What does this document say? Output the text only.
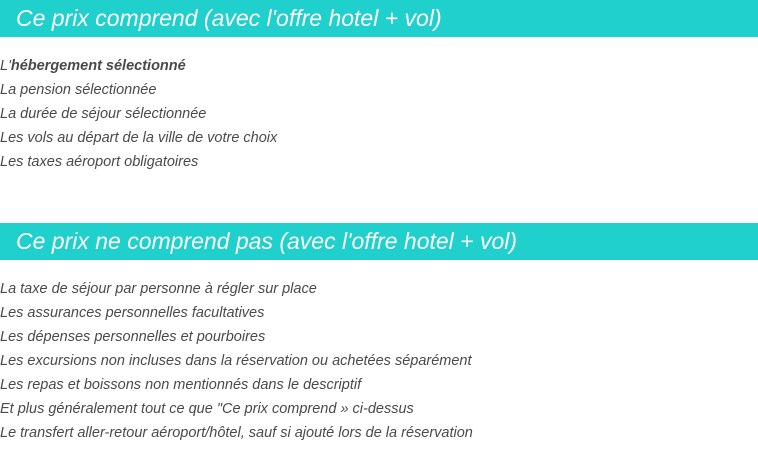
Ce prix comprend (avec l'offre hotel + vol)
L'hébergement sélectionné
La pension sélectionnée
La durée de séjour sélectionnée
Les vols au départ de la ville de votre choix
Les taxes aéroport obligatoires
Ce prix ne comprend pas (avec l'offre hotel + vol)
La taxe de séjour par personne à régler sur place
Les assurances personnelles facultatives
Les dépenses personnelles et pourboires
Les excursions non incluses dans la réservation ou achetées séparément
Les repas et boissons non mentionnés dans le descriptif
Et plus généralement tout ce que "Ce prix comprend » ci-dessus
Le transfert aller-retour aéroport/hôtel, sauf si ajouté lors de la réservation
